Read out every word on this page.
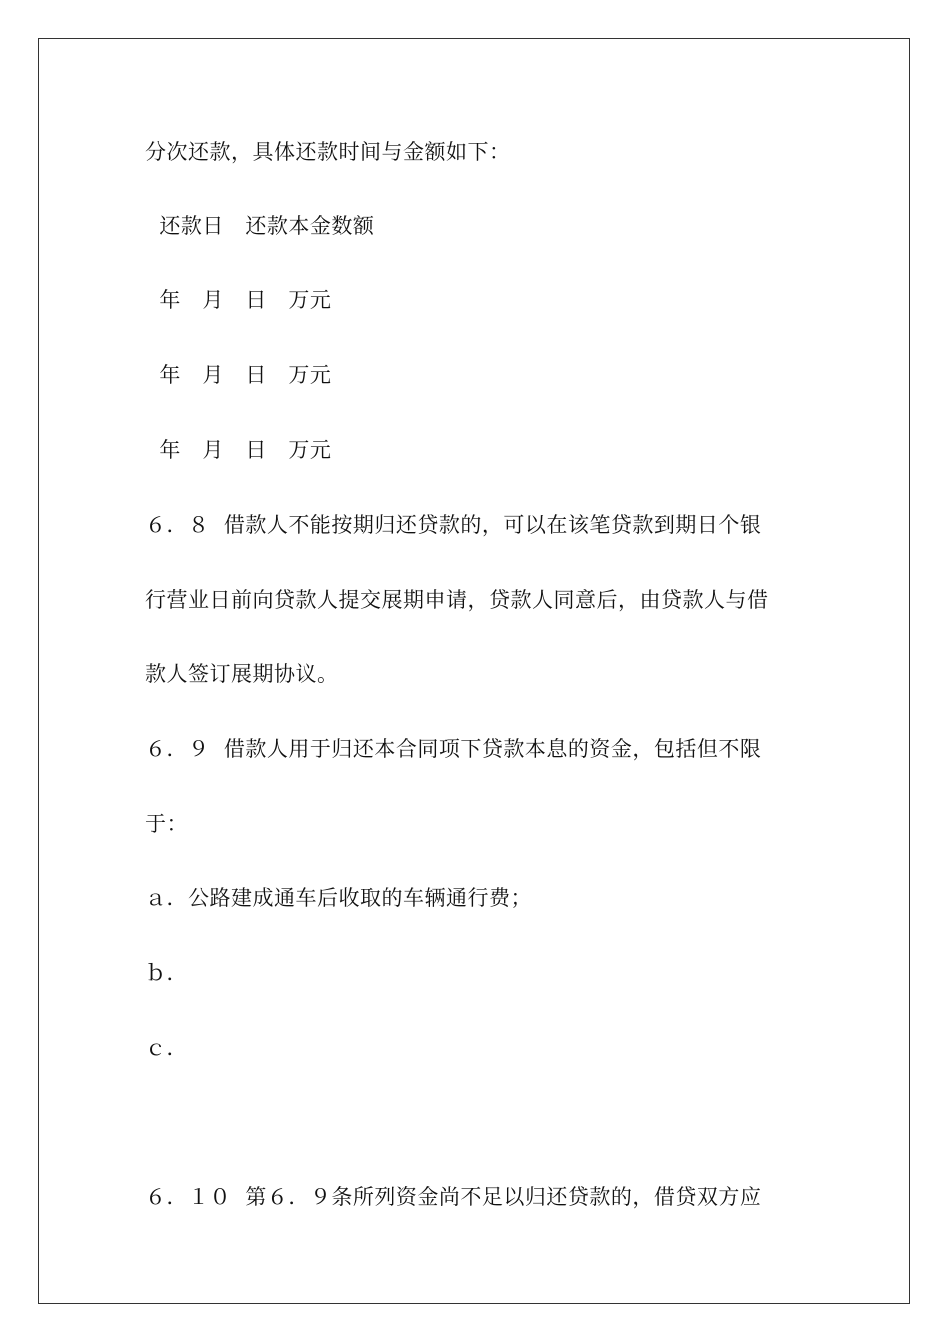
分次还款，具体还款时间与金额如下：
还款日   还款本金数额
年   月   日   万元
年   月   日   万元
年   月   日   万元
６．８  借款人不能按期归还贷款的，可以在该笔贷款到期日个银
行营业日前向贷款人提交展期申请，贷款人同意后，由贷款人与借
款人签订展期协议。
６．９  借款人用于归还本合同项下贷款本息的资金，包括但不限
于：
ａ．公路建成通车后收取的车辆通行费；
ｂ．
ｃ．
６．１０  第６．９条所列资金尚不足以归还贷款的，借贷双方应
